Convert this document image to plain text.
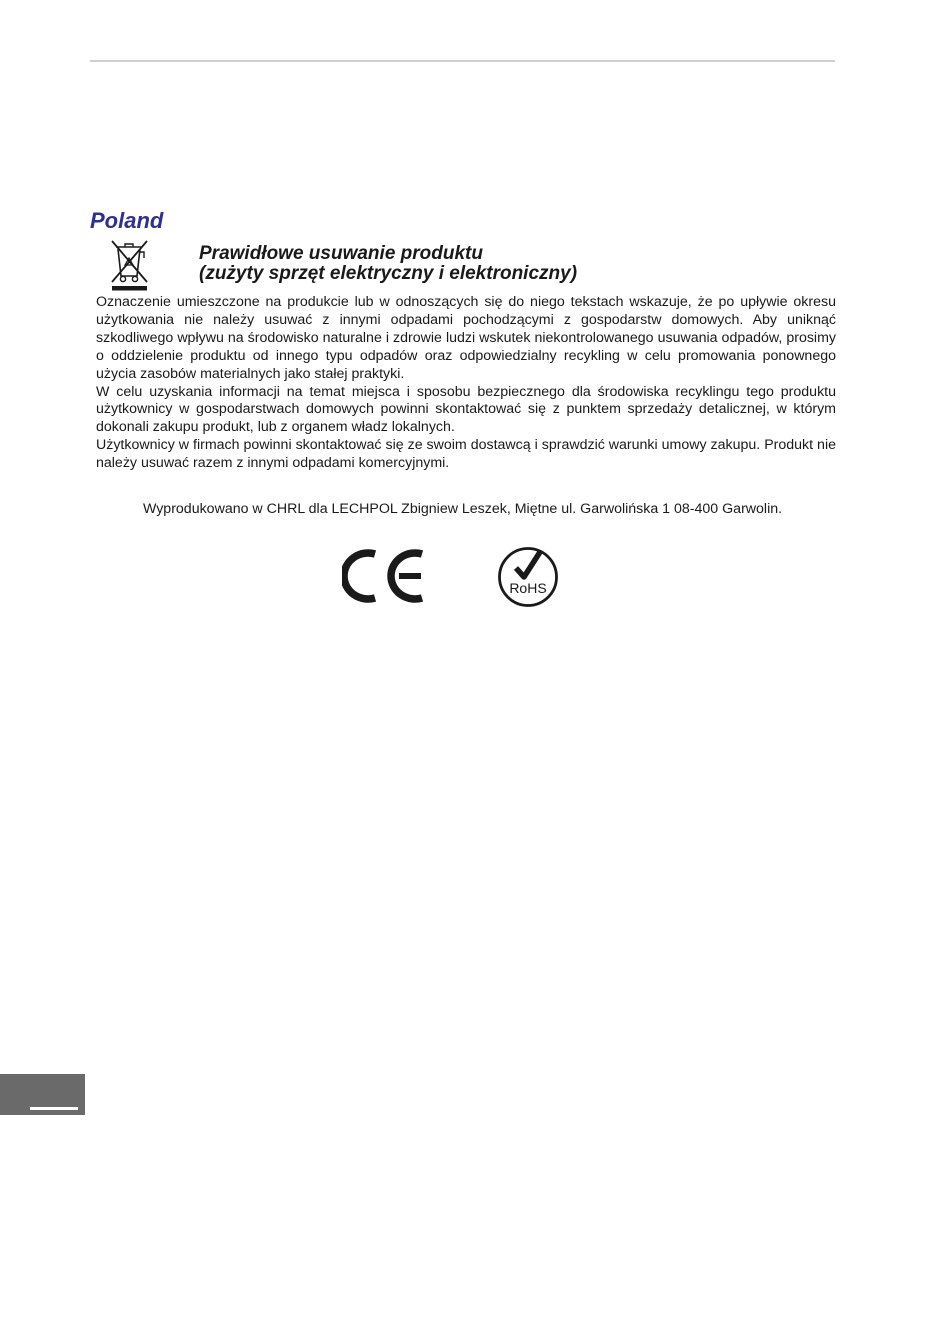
Poland
Prawidłowe usuwanie produktu
(zużyty sprzęt elektryczny i elektroniczny)

Oznaczenie umieszczone na produkcie lub w odnoszących się do niego tekstach wskazuje, że po upływie okresu użytkowania nie należy usuwać z innymi odpadami pochodzącymi z gospodarstw domowych. Aby uniknąć szkodliwego wpływu na środowisko naturalne i zdrowie ludzi wskutek niekontrolowanego usuwania odpadów, prosimy o oddzielenie produktu od innego typu odpadów oraz odpowiedzialny recykling w celu promowania ponownego użycia zasobów materialnych jako stałej praktyki.

W celu uzyskania informacji na temat miejsca i sposobu bezpiecznego dla środowiska recyklingu tego produktu użytkownicy w gospodarstwach domowych powinni skontaktować się z punktem sprzedaży detalicznej, w którym dokonali zakupu produkt, lub z organem władz lokalnych.

Użytkownicy w firmach powinni skontaktować się ze swoim dostawcą i sprawdzić warunki umowy zakupu. Produkt nie należy usuwać razem z innymi odpadami komercyjnymi.

Wyprodukowano w CHRL dla LECHPOL Zbigniew Leszek, Miętne ul. Garwolińska 1 08-400 Garwolin.
RoHS
